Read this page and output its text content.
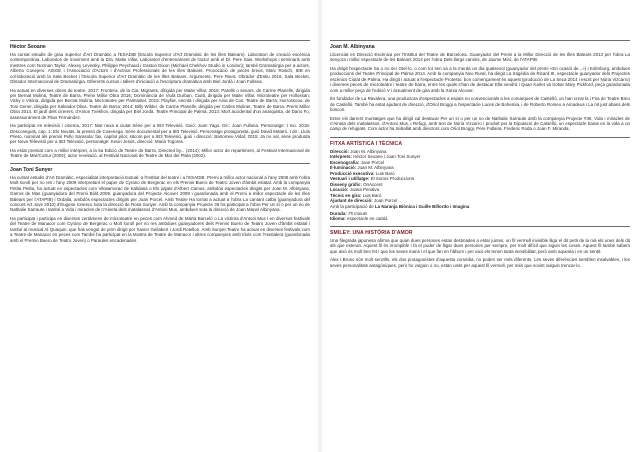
Hèctor Seoane

Ha cursat estudis de grau superior d'Art Dramàtic a l'ESADIB (Escola Superior d'Art Dramàtic de les Illes Balears). Laboratori de creació escènica contemporània, Laboratori de moviment amb la Dra. Maite Villar, Laboratori d'entrenament de l'actor amb el Dr. Pere Sais. Workshops i seminaris amb mestres com Norman Taylor, Alexey Levinsky, Philippe Peychaud i Gaston Dixon (Michael Chekhov Studio in London); també Dramatúrgia per a actors, Alberto Conejero. AISGE i l'Associació d'Actors i d'Actrius Professionals de les Illes Balears. Provocació de peces breus, Marc Rosich, IEB en col·laboració amb la Sala Becket i l'Escola Superior d'Art Dramàtic de les Illes Balears. Arguments, Pere Riera. Obrador d'Estiu 2016, Sala Becket, Obrador Internacional de Dramatúrgia. Diferents cursos i tallers d'iniciació a l'escriptura dramàtica amb Biel Jordà i Joan Fullana.

Ha actuat en diverses obres de teatre, 2017: Frontera, de la Cia. Migrants, dirigida per Maite Villar, 2016: Parells o senars, de Carme Planells, dirigida per Bernat Molina, Teatre de Barra, Premi Millor Obra 2016; Dominància de Violà Durban, Ciutti, dirigida per Maite Villar, Microteatre per Hollossan; Vicky o Vitòria, dirigida per Bernat Molina, Microteatre per Palmaster, 2015: Playfair, escrita i dirigida per Aina de Cos. Teatre de Barra; Horrossoou, de Toni Gener, dirigida per Salvador Oliva. Teatre de Barra; 2014: Billy Wilder, de Carme Planells, dirigida per Carles Molinet, Teatre de Barra, Premi Millor Obra 2014, El jardí dels cirerers, d'Anton Txèkhov, dirigida per Biel Jordà. Teatre Principal de Palma, 2013: Mort accidental d'un anarquista, de Dario Fo, assessorament de Pitus Fernández.

Ha participat en televisió i cinema, 2017: Mar nexa a ciutat Sèrie per a IB3 Televisió. Guió: Joan Yago. Dir.: Joan Fullana. Personatge: t mo. 2016: Desconeguts, cap. 1: Els Novats, la pressó de Cosenega. Sèrie documental per a IB3 Televisió. Personatge protagonista, guió David Mataró. t dir.: Lluís Prieto, nominat als premis Pello Sarasola: fax, capítol pilot, sitcom per a IB3 Televisió, guió i direcció: Bartomeu Vidal; 2015: Ja no val, sèrie produïda per Nova Televisió per a IB3 Televisió, personatge: Kevin Jesús, direcció: Maria Togores.

Ha estat premiat com a millor intèrpret, a la 5a Edició de Teatre de Barra, Directed by... (2014); Millor actor de repartiment, al Festival Internacional de Teatre de Mar/CoSur (2002); actor revelació, al Festival Nacional de Teatre de Mar del Plata (2002).

Joan Toni Sunyer

Ha cursat estudis d'Art Dramàtic, especialitat interpretació textual, a l'Institut del teatre i a l'ESADIB. Premi a millor actor nacional a l'any 2008 amb l'obra Molt soroll per no res i l'any 2009 interpretant el paper de Cyrano de Bergerac en els Premis Buero de Teatro Joven d'àmbit estatal. Amb la companyia Petita Petita, ha actuat en espectacles com Vikwamorac de Kalidasa o Els jutjats d'Albert Camus, ambdós espectacles dirigits per Joan M. Albinyana, Garros de Mas (guanyadora del Premi Bòlit 2009, guanyadora del Projecte Alcover 2009 i guardonada amb el Premi a millor espectacle de les Illes Balears per l'ATAPIB) i Ordalia, ambdós espectacles dirigits per Joan Porcel. Amb Teatre Ha tornat a actuat a l'obra La cantant calba (guanyadora del concurs Art Jove 2010) d'Eugene Ionesco sota la direcció de Rosa Sunyer. Amb la companyia Projecte 36 ha participat a l'obra Per un sí o per un no de Nathalie Sarraute i també a Vida i miracles de n'Aineta dels matalassos d'Antoni Mus, ambdues sota la direcció de Joan Manel Albinyana.

Ha participat i participa en diverses certàmens de microteatre en peces com Ahmed de Marta Barceló o La víctima d'Antoni Mus i en diversos festivals del Teatre de Manacor com Cyrano de Bergerac o Molt soroll per no res ambdues guanyadores dels Premis Buero de Teatro Joven d'àmbit estatal i també al musical Al Quaquin, que has vengut de prim dirigit per Xavier Geilabert i Jordi Rotellon. Amb Sunyer.Teatre ha actuat en diverses festivals com a Teatre de Manacor en peces com També ha participat en la Mostra de Teatre de Manacor i altres companyies amb títols com l'Hostalera (guardonada amb el Premio Buero de Teatro Joven) o Paraules encadenades.

Joan M. Albinyana

Llicenciat en Direcció Escènica per l'Institut del Teatre de Barcelona. Guanyador del Premi a la Millor Direcció de les Illes Balears 2013 per l'obra La senyora i millor espectacle de les Balears 2014 per l'obra Dels llargs camins, de Jaume Miró, de l'ATAPIB.

Ha dirigit l'espectacle Sa o no ser Otel·lo, o com tot sen va a la merda un dia qualsevol (guanyador del premi «En ocasió de...») i Edimburg, ambdues produccions del Teatre Principal de Palma 2014. Amb la companyia Neo Rural, ha dirigit La tragèdia de Ricard III, espectacle guanyador dels Projectes escènics Ciutat de Palma. Ha dirigit i actuat a l'espectacle Protesto: bon començament és aquest (producció de La Seca 2014 i escrit per Núria Vizcarro) i diverses peces de microteatre i teatre de barra, entre les quals s'han de destacar Ella vendrà i Quan Karlet va trobar Mary Pickford, peça guardonada com a millor peça de l'edició V i actualment de gira amb la Xarxa Alcover.

És fundador de La Ravalera, una productora d'espectacles a espais no convencionals a les comarques de Castelló, on han creat la i Fira de Teatre Breu de Castelló. També ha estat ajudant de direcció, d'Oriol Broggi a l'espectacle Luces de Bohemia, i de Roberto Romeo a Amadeus i La nit just abans dels boscos.

Entre els darrers muntatges que ha dirigit cal destacar Per un sí o per un no de Nathalie Sarraute amb la companyia Projecte #36, Vida i miracles de n'Aineta dels matalassos, d'Antoni Mus, i Refugi, amb text de Núria Vizcarro i produït per la Diputació de Castelló, un espectacle basat en la vida a un camp de refugiats. Com actor ha treballat amb directors com Oriol Broggi, Pere Fullana, Frederic Roda o Joan F. Miranda.

FITXA ARTÍSTICA I TÈCNICA
Direcció: Joan M. Albinyana
Intèrprets: Hèctor Seoane i Joan Toni Sunyer
Escenografia: Joan Porcel
Il·luminació: Joan M. Albinyana
Producció executiva: Luis Baró
Vestuari i utillatge: El Somni Produccions
Disseny gràfic: OnAccent
Locució: Joana Penalva
Tècnic en gira: Luis Baró
Ajudant de direcció: Joan Porcel
Amb la participació de La Naranja Biònica i Guille Billordo i Imagina
Durada: 75 minuts
Idioma: espectacle en català
SMILEY: UNA HISTÒRIA D'AMOR

Una filegrada japonesa afirma que quan dues persones estan destinades a estar juntes, un fil vermell invisible lliga el dit petit de la mà els unes dels dit als que esteran. Aquest fil és irrompible i fa el poder de lligar dues persones per sempre, per molt difícil que siguin les coses. Aquest fil també sabem que això és molt ben fet i que les seves mans i el que fan en l'àlbum i per aixó els tenen tanta sensibilitat, però amb aquesta i en un sentit.

Àlex i Bruno són molt senzills, els dos protagonistes d'aquesta comèdia, no poden ser més diferents. Les seves diferències semblen insalvables, i les seves personalitats antagòniques, però ho vulguin o no, estan units per aquest fil vermell, per més que sovint vulguin trencar-lo.
